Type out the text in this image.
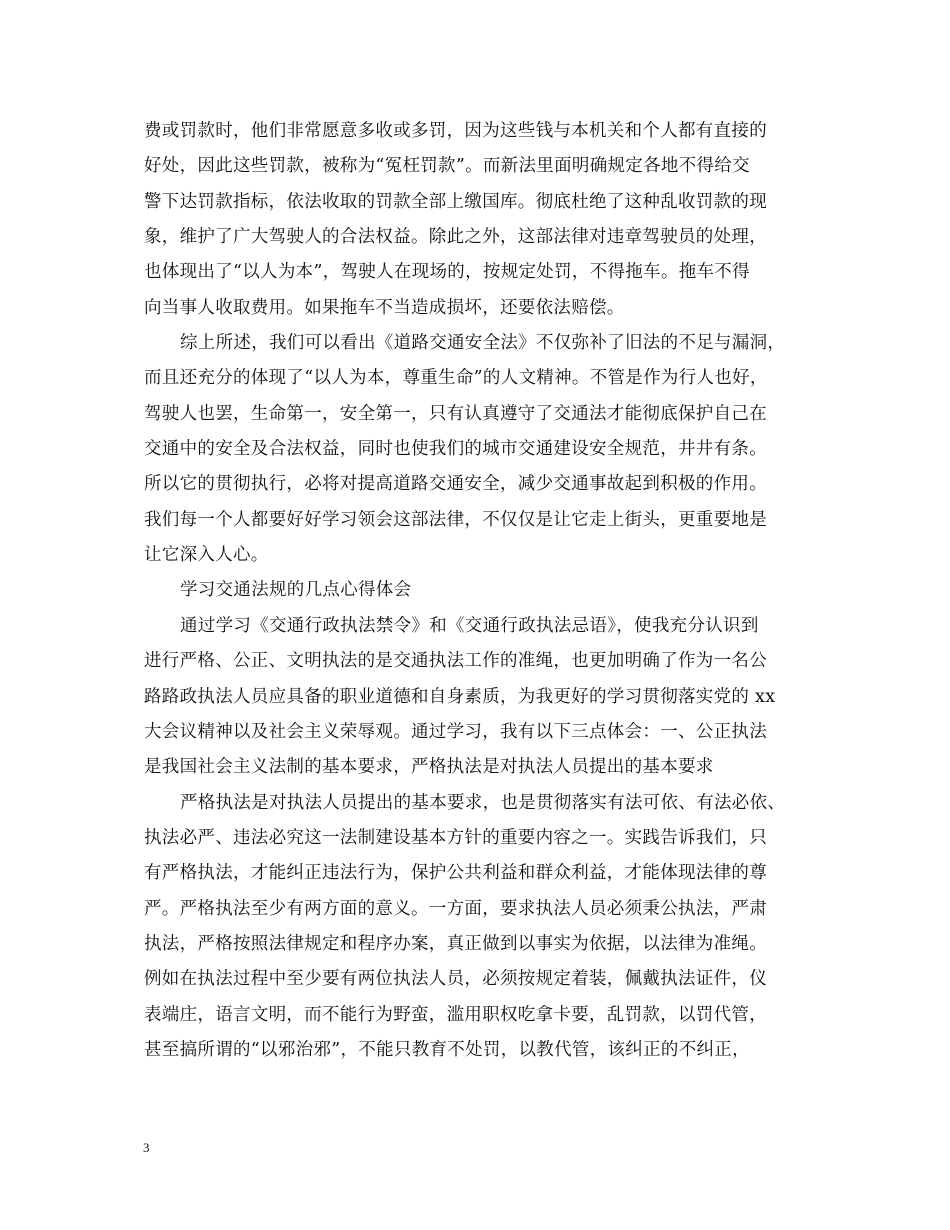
费或罚款时，他们非常愿意多收或多罚，因为这些钱与本机关和个人都有直接的
好处，因此这些罚款，被称为“冤枉罚款”。而新法里面明确规定各地不得给交
警下达罚款指标，依法收取的罚款全部上缴国库。彻底杜绝了这种乱收罚款的现
象，维护了广大驾驶人的合法权益。除此之外，这部法律对违章驾驶员的处理，
也体现出了“以人为本”，驾驶人在现场的，按规定处罚，不得拖车。拖车不得
向当事人收取费用。如果拖车不当造成损坏，还要依法赔偿。
综上所述，我们可以看出《道路交通安全法》不仅弥补了旧法的不足与漏洞，
而且还充分的体现了“以人为本，尊重生命”的人文精神。不管是作为行人也好，
驾驶人也罢，生命第一，安全第一，只有认真遵守了交通法才能彻底保护自己在
交通中的安全及合法权益，同时也使我们的城市交通建设安全规范，井井有条。
所以它的贯彻执行，必将对提高道路交通安全，减少交通事故起到积极的作用。
我们每一个人都要好好学习领会这部法律，不仅仅是让它走上街头，更重要地是
让它深入人心。
学习交通法规的几点心得体会
通过学习《交通行政执法禁令》和《交通行政执法忌语》，使我充分认识到
进行严格、公正、文明执法的是交通执法工作的准绳，也更加明确了作为一名公
路路政执法人员应具备的职业道德和自身素质，为我更好的学习贯彻落实党的 xx
大会议精神以及社会主义荣辱观。通过学习，我有以下三点体会：一、公正执法
是我国社会主义法制的基本要求，严格执法是对执法人员提出的基本要求
严格执法是对执法人员提出的基本要求，也是贯彻落实有法可依、有法必依、
执法必严、违法必究这一法制建设基本方针的重要内容之一。实践告诉我们，只
有严格执法，才能纠正违法行为，保护公共利益和群众利益，才能体现法律的尊
严。严格执法至少有两方面的意义。一方面，要求执法人员必须秉公执法，严肃
执法，严格按照法律规定和程序办案，真正做到以事实为依据，以法律为准绳。
例如在执法过程中至少要有两位执法人员，必须按规定着装，佩戴执法证件，仪
表端庄，语言文明，而不能行为野蛮，滥用职权吃拿卡要，乱罚款，以罚代管，
甚至搞所谓的“以邪治邪”，不能只教育不处罚，以教代管，该纠正的不纠正，
3
